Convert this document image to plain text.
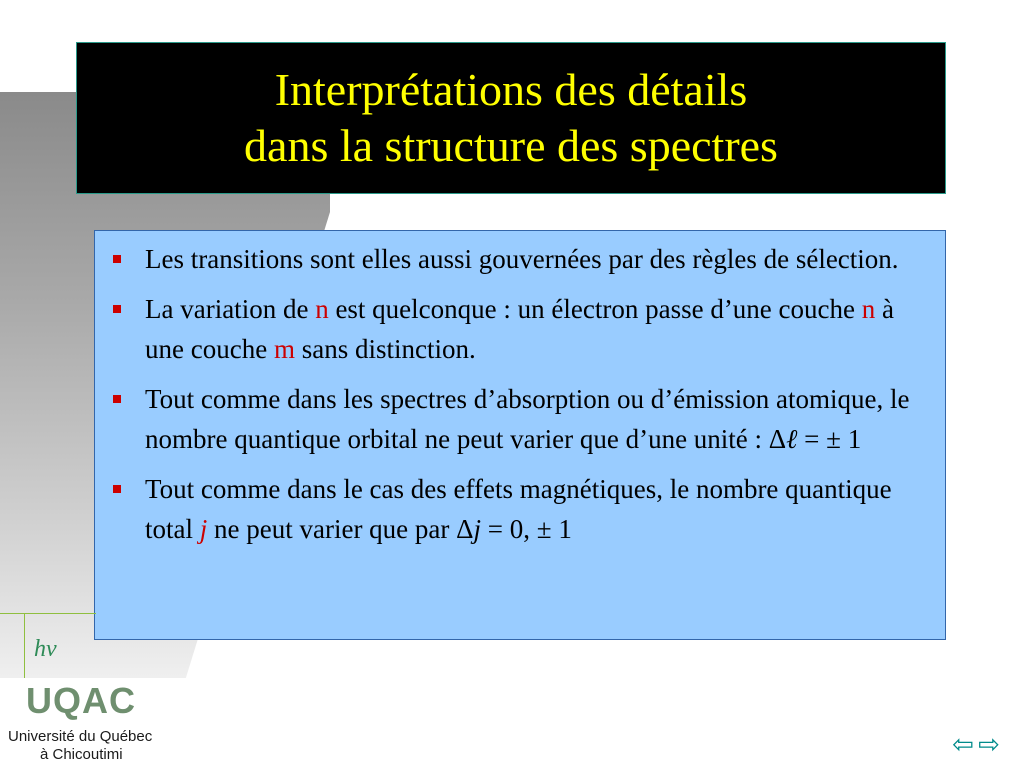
Interprétations des détails
dans la structure des spectres
Les transitions sont elles aussi gouvernées par des règles de sélection.
La variation de n est quelconque : un électron passe d’une couche n à une couche m sans distinction.
Tout comme dans les spectres d’absorption ou d’émission atomique, le nombre quantique orbital ne peut varier que d’une unité : Δℓ = ± 1
Tout comme dans le cas des effets magnétiques, le nombre quantique total j ne peut varier que par Δj = 0, ± 1
hν
UQAC
Université du Québec
à Chicoutimi	⇦ ⇨
